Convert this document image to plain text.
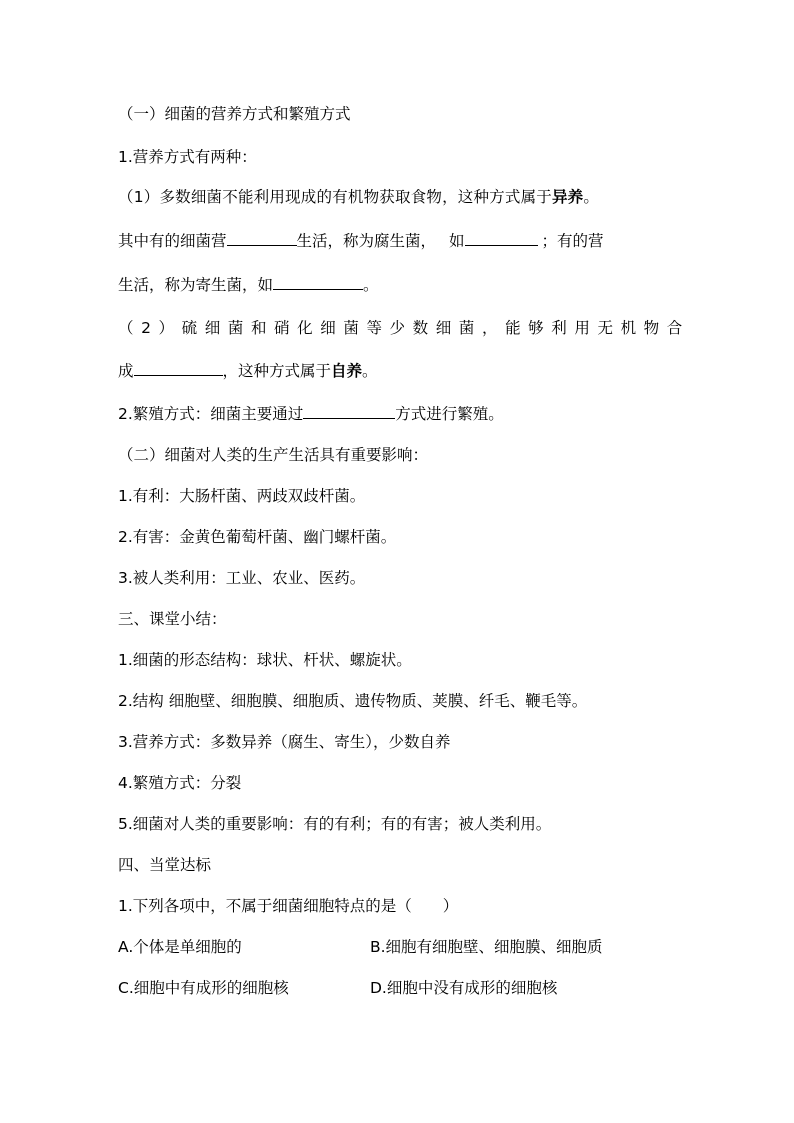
（一）细菌的营养方式和繁殖方式

1.营养方式有两种：

（1）多数细菌不能利用现成的有机物获取食物，这种方式属于异养。

其中有的细菌营	生活，称为腐生菌， 如	；有的营

生活，称为寄生菌，如	。

（2）硫细菌和硝化细菌等少数细菌，能够利用无机物合

成	，这种方式属于自养。

2.繁殖方式：细菌主要通过	方式进行繁殖。

（二）细菌对人类的生产生活具有重要影响：

1.有利：大肠杆菌、两歧双歧杆菌。

2.有害：金黄色葡萄杆菌、幽门螺杆菌。

3.被人类利用：工业、农业、医药。

三、课堂小结：

1.细菌的形态结构：球状、杆状、螺旋状。

2.结构 细胞壁、细胞膜、细胞质、遗传物质、荚膜、纤毛、鞭毛等。

3.营养方式：多数异养（腐生、寄生），少数自养

4.繁殖方式：分裂

5.细菌对人类的重要影响：有的有利；有的有害；被人类利用。

四、当堂达标

1.下列各项中，不属于细菌细胞特点的是（　　）

A.个体是单细胞的	B.细胞有细胞壁、细胞膜、细胞质

C.细胞中有成形的细胞核	D.细胞中没有成形的细胞核
